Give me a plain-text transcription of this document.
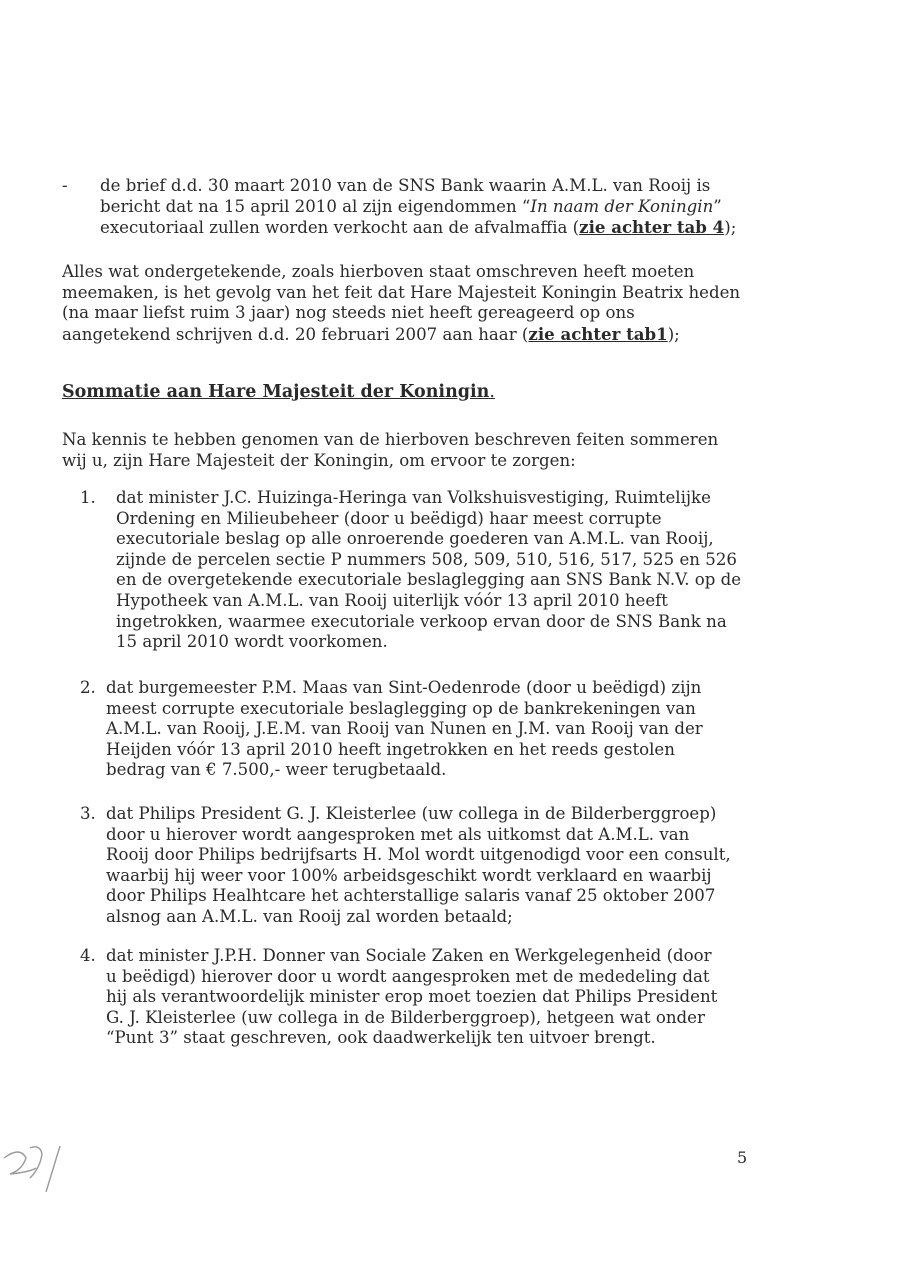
- de brief d.d. 30 maart 2010 van de SNS Bank waarin A.M.L. van Rooij is
bericht dat na 15 april 2010 al zijn eigendommen “In naam der Koningin”
executoriaal zullen worden verkocht aan de afvalmaffia (zie achter tab 4);
Alles wat ondergetekende, zoals hierboven staat omschreven heeft moeten
meemaken, is het gevolg van het feit dat Hare Majesteit Koningin Beatrix heden
(na maar liefst ruim 3 jaar) nog steeds niet heeft gereageerd op ons
aangetekend schrijven d.d. 20 februari 2007 aan haar (zie achter tab1);
Sommatie aan Hare Majesteit der Koningin.
Na kennis te hebben genomen van de hierboven beschreven feiten sommeren
wij u, zijn Hare Majesteit der Koningin, om ervoor te zorgen:
1. dat minister J.C. Huizinga-Heringa van Volkshuisvestiging, Ruimtelijke
Ordening en Milieubeheer (door u beëdigd) haar meest corrupte
executoriale beslag op alle onroerende goederen van A.M.L. van Rooij,
zijnde de percelen sectie P nummers 508, 509, 510, 516, 517, 525 en 526
en de overgetekende executoriale beslaglegging aan SNS Bank N.V. op de
Hypotheek van A.M.L. van Rooij uiterlijk vóór 13 april 2010 heeft
ingetrokken, waarmee executoriale verkoop ervan door de SNS Bank na
15 april 2010 wordt voorkomen.
2. dat burgemeester P.M. Maas van Sint-Oedenrode (door u beëdigd) zijn
meest corrupte executoriale beslaglegging op de bankrekeningen van
A.M.L. van Rooij, J.E.M. van Rooij van Nunen en J.M. van Rooij van der
Heijden vóór 13 april 2010 heeft ingetrokken en het reeds gestolen
bedrag van € 7.500,- weer terugbetaald.
3. dat Philips President G. J. Kleisterlee (uw collega in de Bilderberggroep)
door u hierover wordt aangesproken met als uitkomst dat A.M.L. van
Rooij door Philips bedrijfsarts H. Mol wordt uitgenodigd voor een consult,
waarbij hij weer voor 100% arbeidsgeschikt wordt verklaard en waarbij
door Philips Healhtcare het achterstallige salaris vanaf 25 oktober 2007
alsnog aan A.M.L. van Rooij zal worden betaald;
4. dat minister J.P.H. Donner van Sociale Zaken en Werkgelegenheid (door
u beëdigd) hierover door u wordt aangesproken met de mededeling dat
hij als verantwoordelijk minister erop moet toezien dat Philips President
G. J. Kleisterlee (uw collega in de Bilderberggroep), hetgeen wat onder
“Punt 3” staat geschreven, ook daadwerkelijk ten uitvoer brengt.
5
